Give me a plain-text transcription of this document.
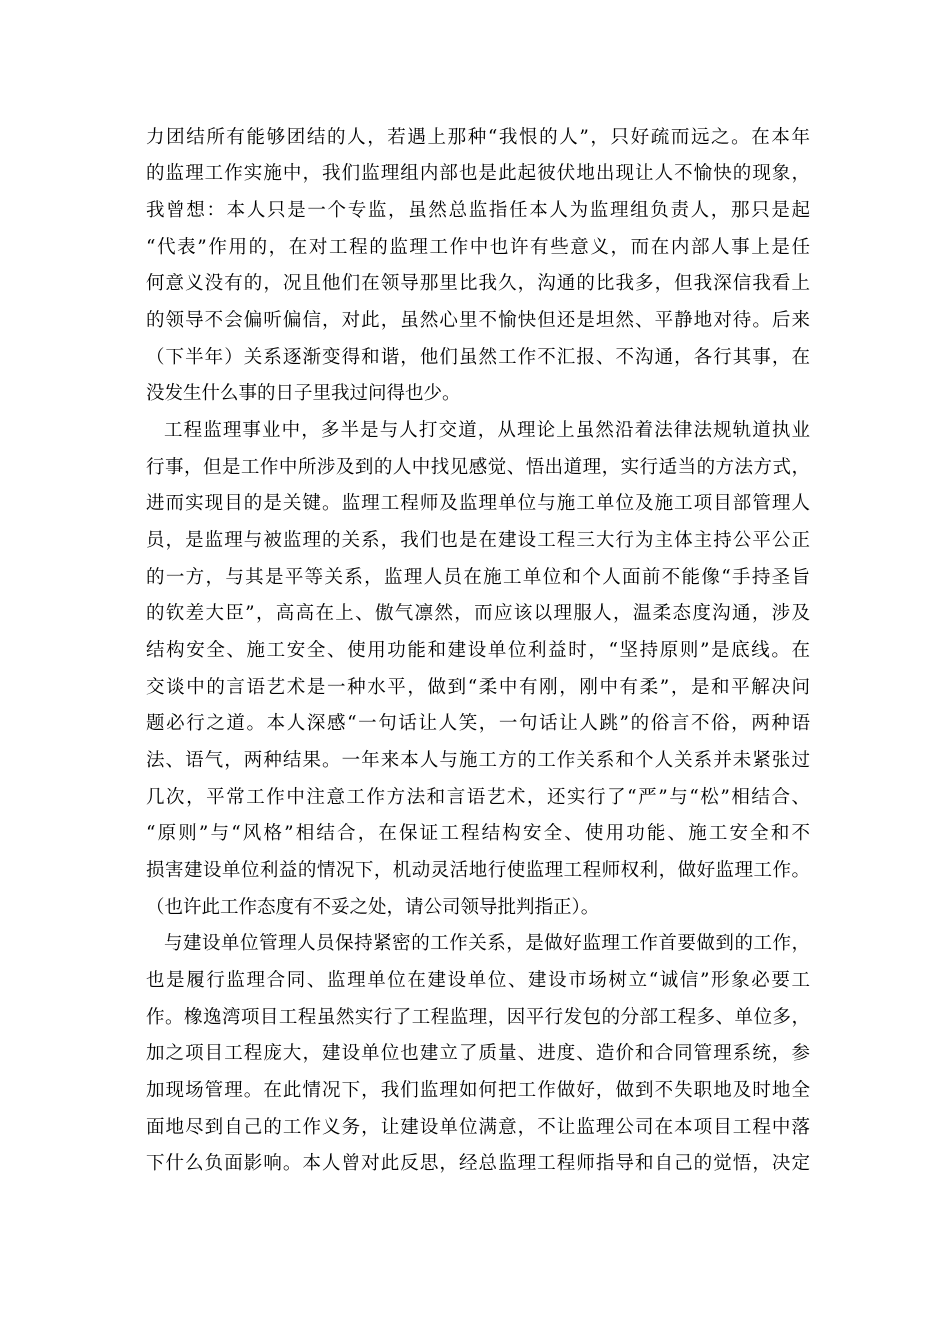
力团结所有能够团结的人，若遇上那种“我恨的人”，只好疏而远之。在本年
的监理工作实施中，我们监理组内部也是此起彼伏地出现让人不愉快的现象，
我曾想：本人只是一个专监，虽然总监指任本人为监理组负责人，那只是起
“代表”作用的，在对工程的监理工作中也许有些意义，而在内部人事上是任
何意义没有的，况且他们在领导那里比我久，沟通的比我多，但我深信我看上
的领导不会偏听偏信，对此，虽然心里不愉快但还是坦然、平静地对待。后来
（下半年）关系逐渐变得和谐，他们虽然工作不汇报、不沟通，各行其事，在
没发生什么事的日子里我过问得也少。
工程监理事业中，多半是与人打交道，从理论上虽然沿着法律法规轨道执业
行事，但是工作中所涉及到的人中找见感觉、悟出道理，实行适当的方法方式，
进而实现目的是关键。监理工程师及监理单位与施工单位及施工项目部管理人
员，是监理与被监理的关系，我们也是在建设工程三大行为主体主持公平公正
的一方，与其是平等关系，监理人员在施工单位和个人面前不能像“手持圣旨
的钦差大臣”，高高在上、傲气凛然，而应该以理服人，温柔态度沟通，涉及
结构安全、施工安全、使用功能和建设单位利益时，“坚持原则”是底线。在
交谈中的言语艺术是一种水平，做到“柔中有刚，刚中有柔”，是和平解决问
题必行之道。本人深感“一句话让人笑，一句话让人跳”的俗言不俗，两种语
法、语气，两种结果。一年来本人与施工方的工作关系和个人关系并未紧张过
几次，平常工作中注意工作方法和言语艺术，还实行了“严”与“松”相结合、
“原则”与“风格”相结合，在保证工程结构安全、使用功能、施工安全和不
损害建设单位利益的情况下，机动灵活地行使监理工程师权利，做好监理工作。
（也许此工作态度有不妥之处，请公司领导批判指正）。
与建设单位管理人员保持紧密的工作关系，是做好监理工作首要做到的工作，
也是履行监理合同、监理单位在建设单位、建设市场树立“诚信”形象必要工
作。橡逸湾项目工程虽然实行了工程监理，因平行发包的分部工程多、单位多，
加之项目工程庞大，建设单位也建立了质量、进度、造价和合同管理系统，参
加现场管理。在此情况下，我们监理如何把工作做好，做到不失职地及时地全
面地尽到自己的工作义务，让建设单位满意，不让监理公司在本项目工程中落
下什么负面影响。本人曾对此反思，经总监理工程师指导和自己的觉悟，决定
